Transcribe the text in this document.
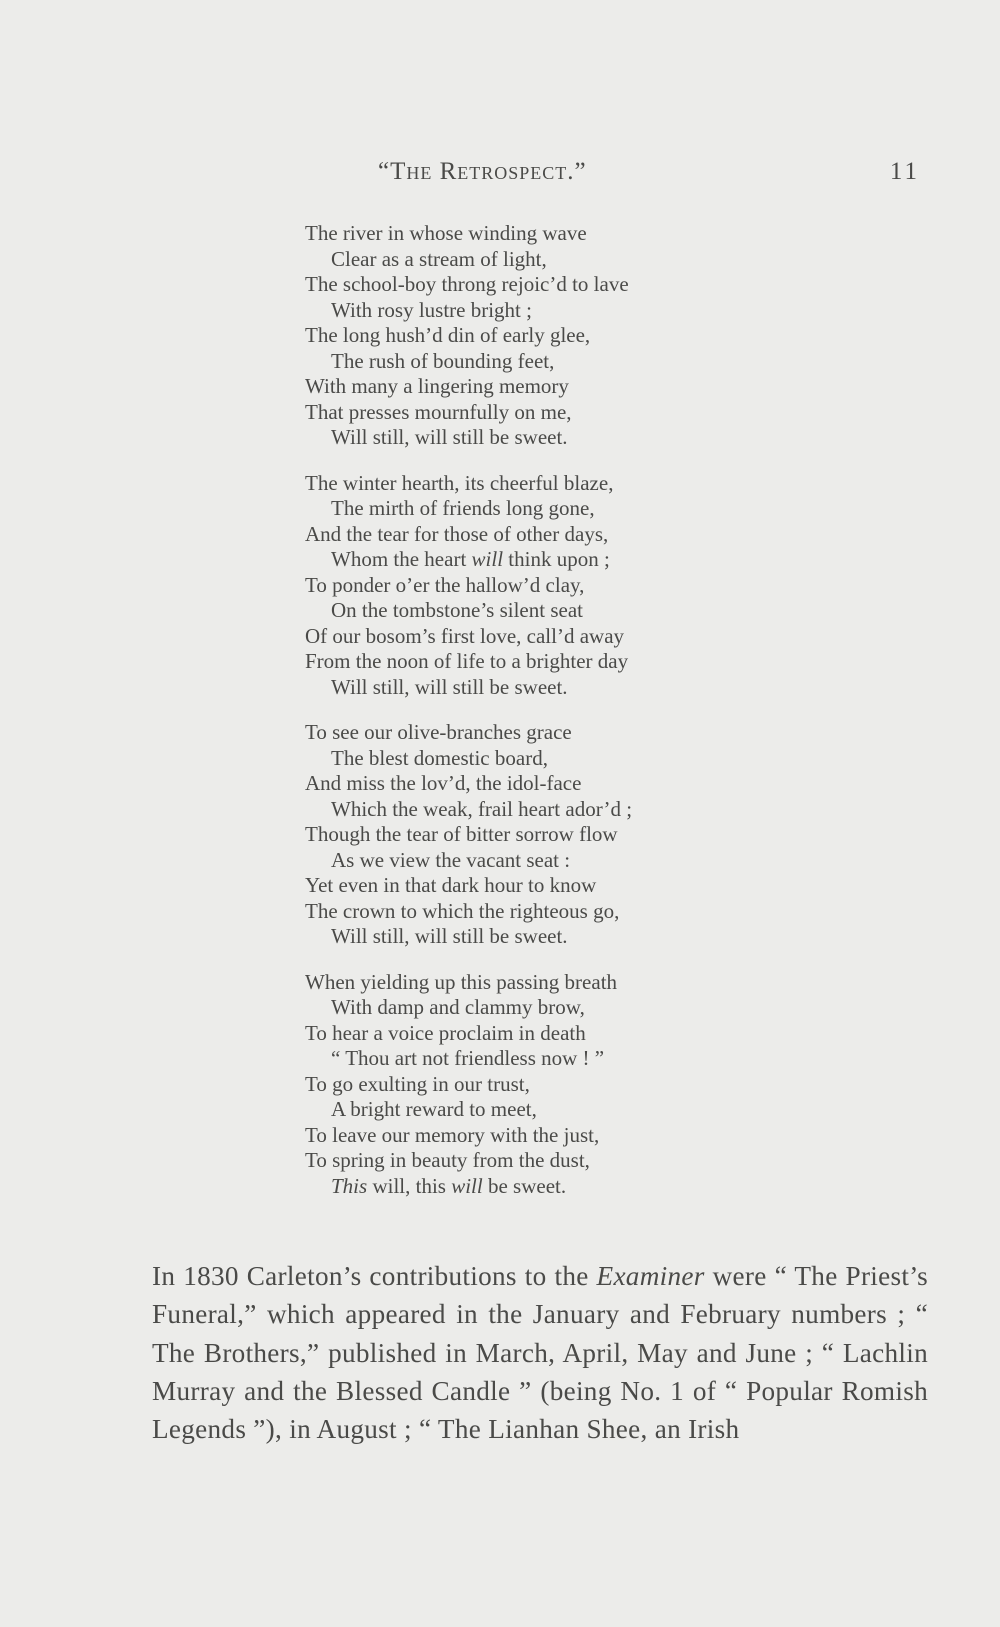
“The Retrospect.”	11
The river in whose winding wave
Clear as a stream of light,
The school-boy throng rejoic’d to lave
With rosy lustre bright ;
The long hush’d din of early glee,
The rush of bounding feet,
With many a lingering memory
That presses mournfully on me,
Will still, will still be sweet.
The winter hearth, its cheerful blaze,
The mirth of friends long gone,
And the tear for those of other days,
Whom the heart will think upon ;
To ponder o’er the hallow’d clay,
On the tombstone’s silent seat
Of our bosom’s first love, call’d away
From the noon of life to a brighter day
Will still, will still be sweet.
To see our olive-branches grace
The blest domestic board,
And miss the lov’d, the idol-face
Which the weak, frail heart ador’d ;
Though the tear of bitter sorrow flow
As we view the vacant seat :
Yet even in that dark hour to know
The crown to which the righteous go,
Will still, will still be sweet.
When yielding up this passing breath
With damp and clammy brow,
To hear a voice proclaim in death
“ Thou art not friendless now ! ”
To go exulting in our trust,
A bright reward to meet,
To leave our memory with the just,
To spring in beauty from the dust,
This will, this will be sweet.

In 1830 Carleton’s contributions to the Examiner were “ The Priest’s Funeral,” which appeared in the January and February numbers ; “ The Brothers,” published in March, April, May and June ; “ Lachlin Murray and the Blessed Candle ” (being No. 1 of “ Popular Romish Legends ”), in August ; “ The Lianhan Shee, an Irish
